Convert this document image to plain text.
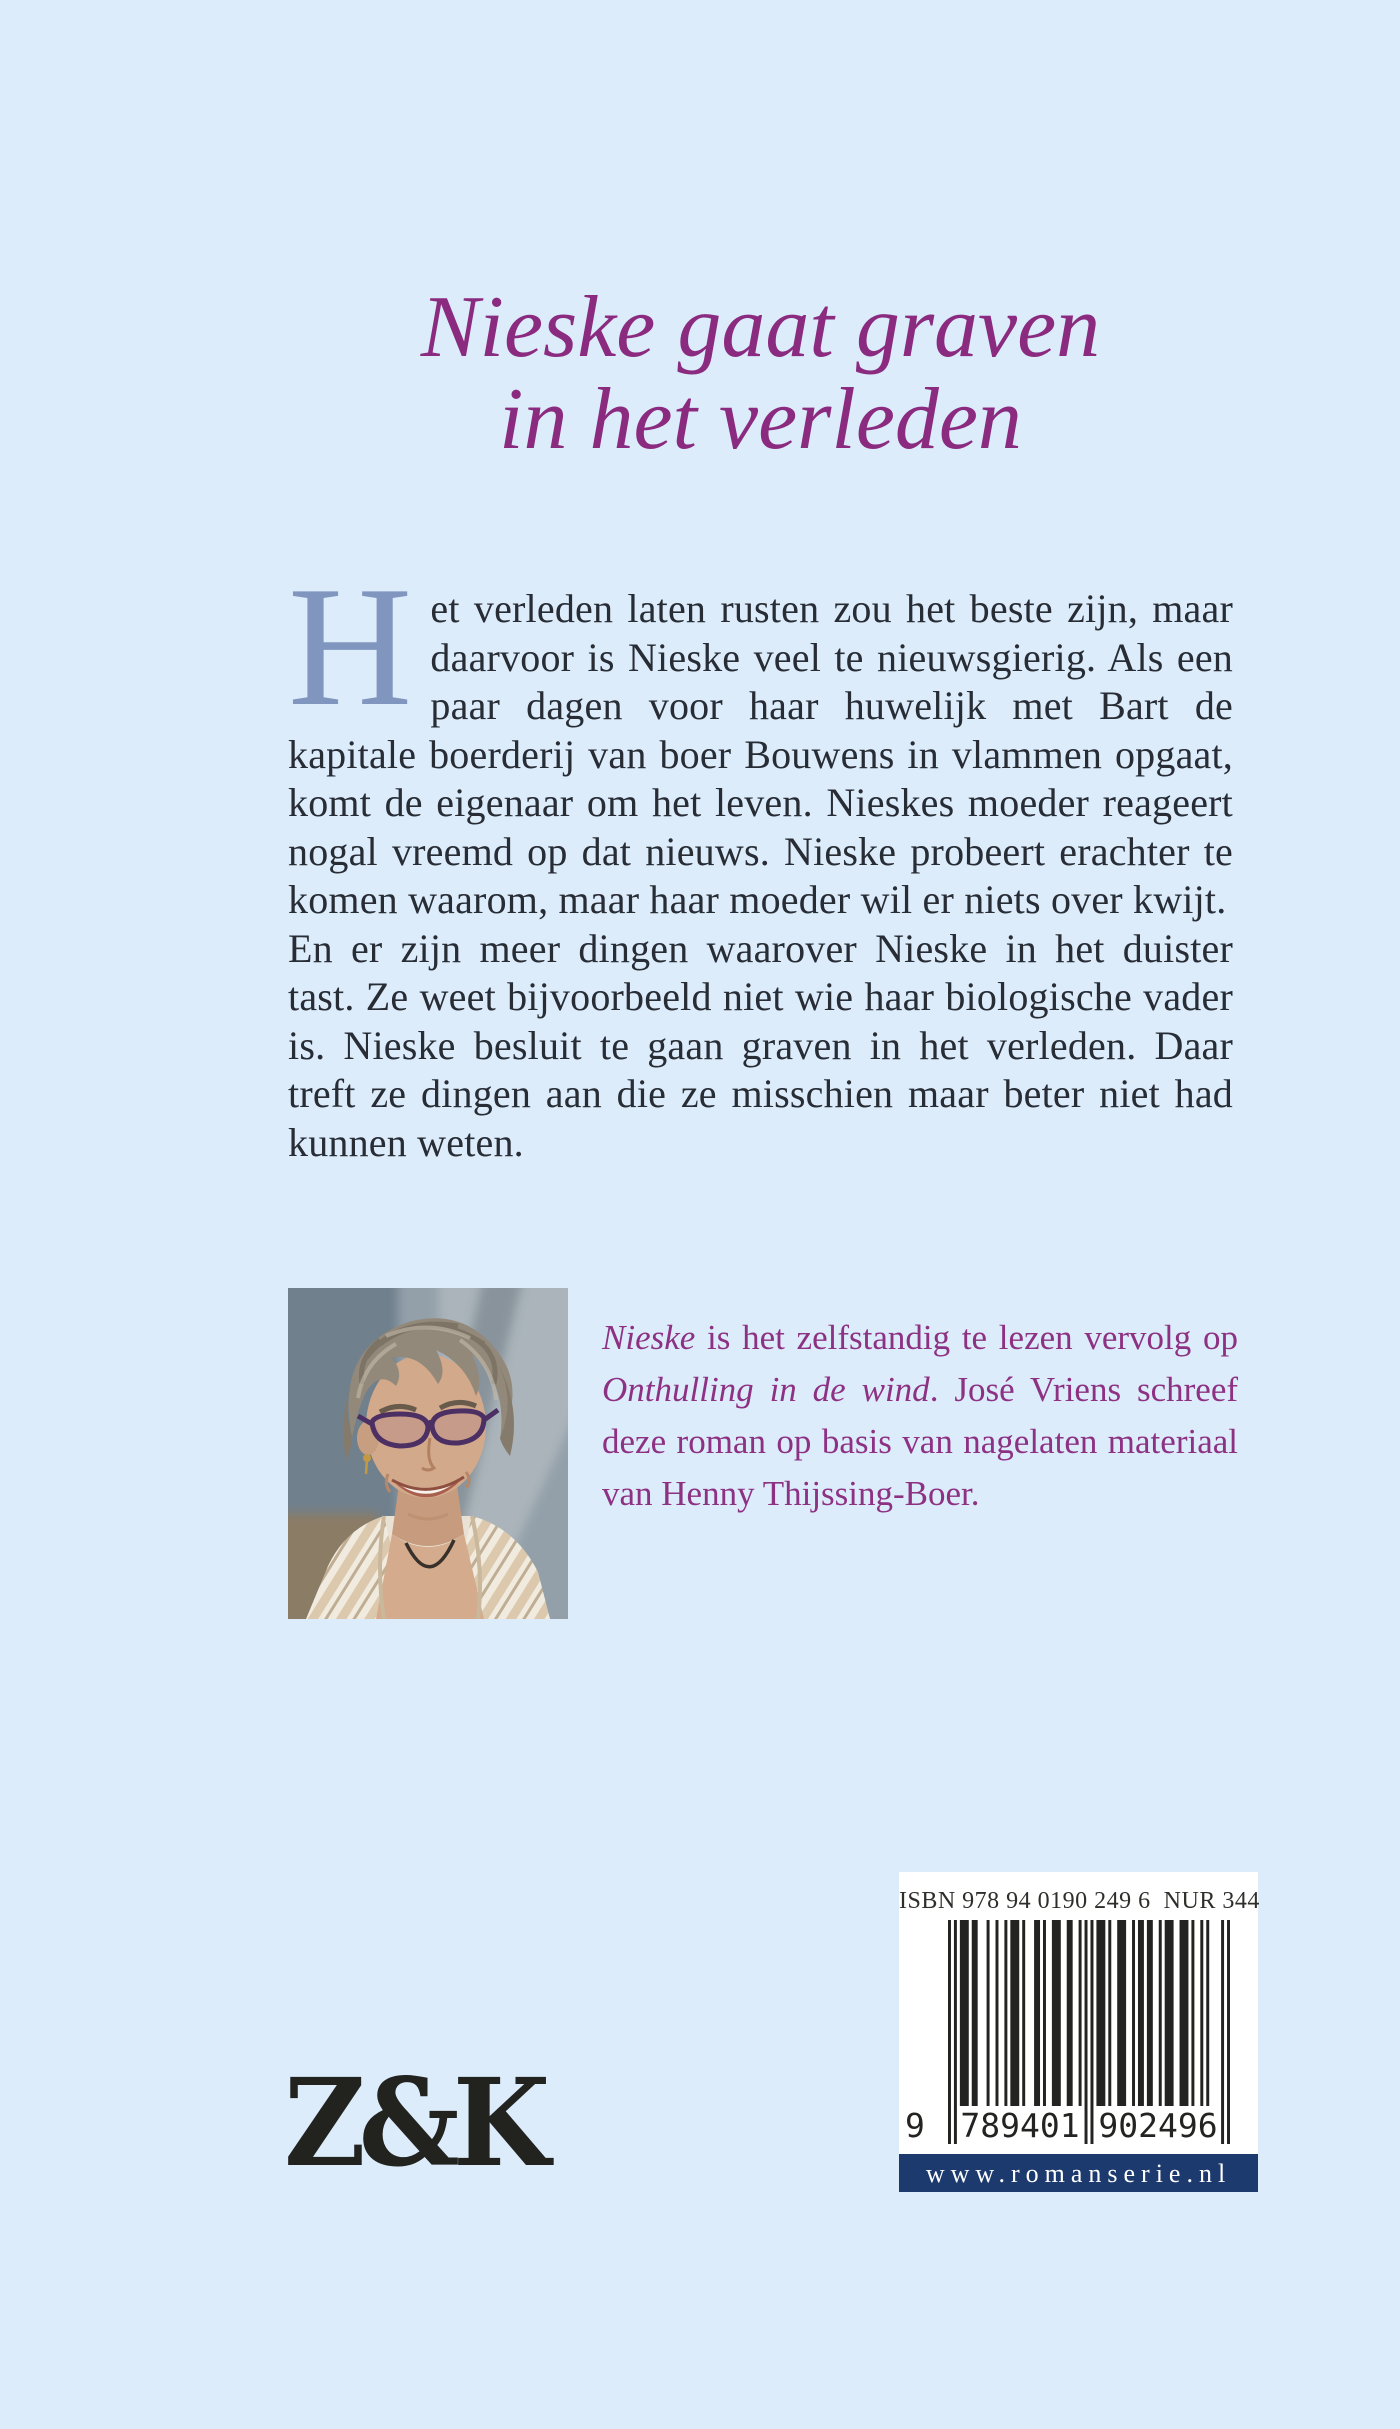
Nieske gaat graven
in het verleden

Het verleden laten rusten zou het beste zijn, maar daarvoor is Nieske veel te nieuwsgierig. Als een paar dagen voor haar huwelijk met Bart de kapitale boerderij van boer Bouwens in vlammen opgaat, komt de eigenaar om het leven. Nieskes moeder reageert nogal vreemd op dat nieuws. Nieske probeert erachter te komen waarom, maar haar moeder wil er niets over kwijt.

En er zijn meer dingen waarover Nieske in het duister tast. Ze weet bijvoorbeeld niet wie haar biologische vader is. Nieske besluit te gaan graven in het verleden. Daar treft ze dingen aan die ze misschien maar beter niet had kunnen weten.

Nieske is het zelfstandig te lezen vervolg op Onthulling in de wind. José Vriens schreef deze roman op basis van nagelaten materiaal van Henny Thijssing-Boer.
Z&K
ISBN 978 94 0190 249 6  NUR 344
9 789401 902496
www.romanserie.nl
